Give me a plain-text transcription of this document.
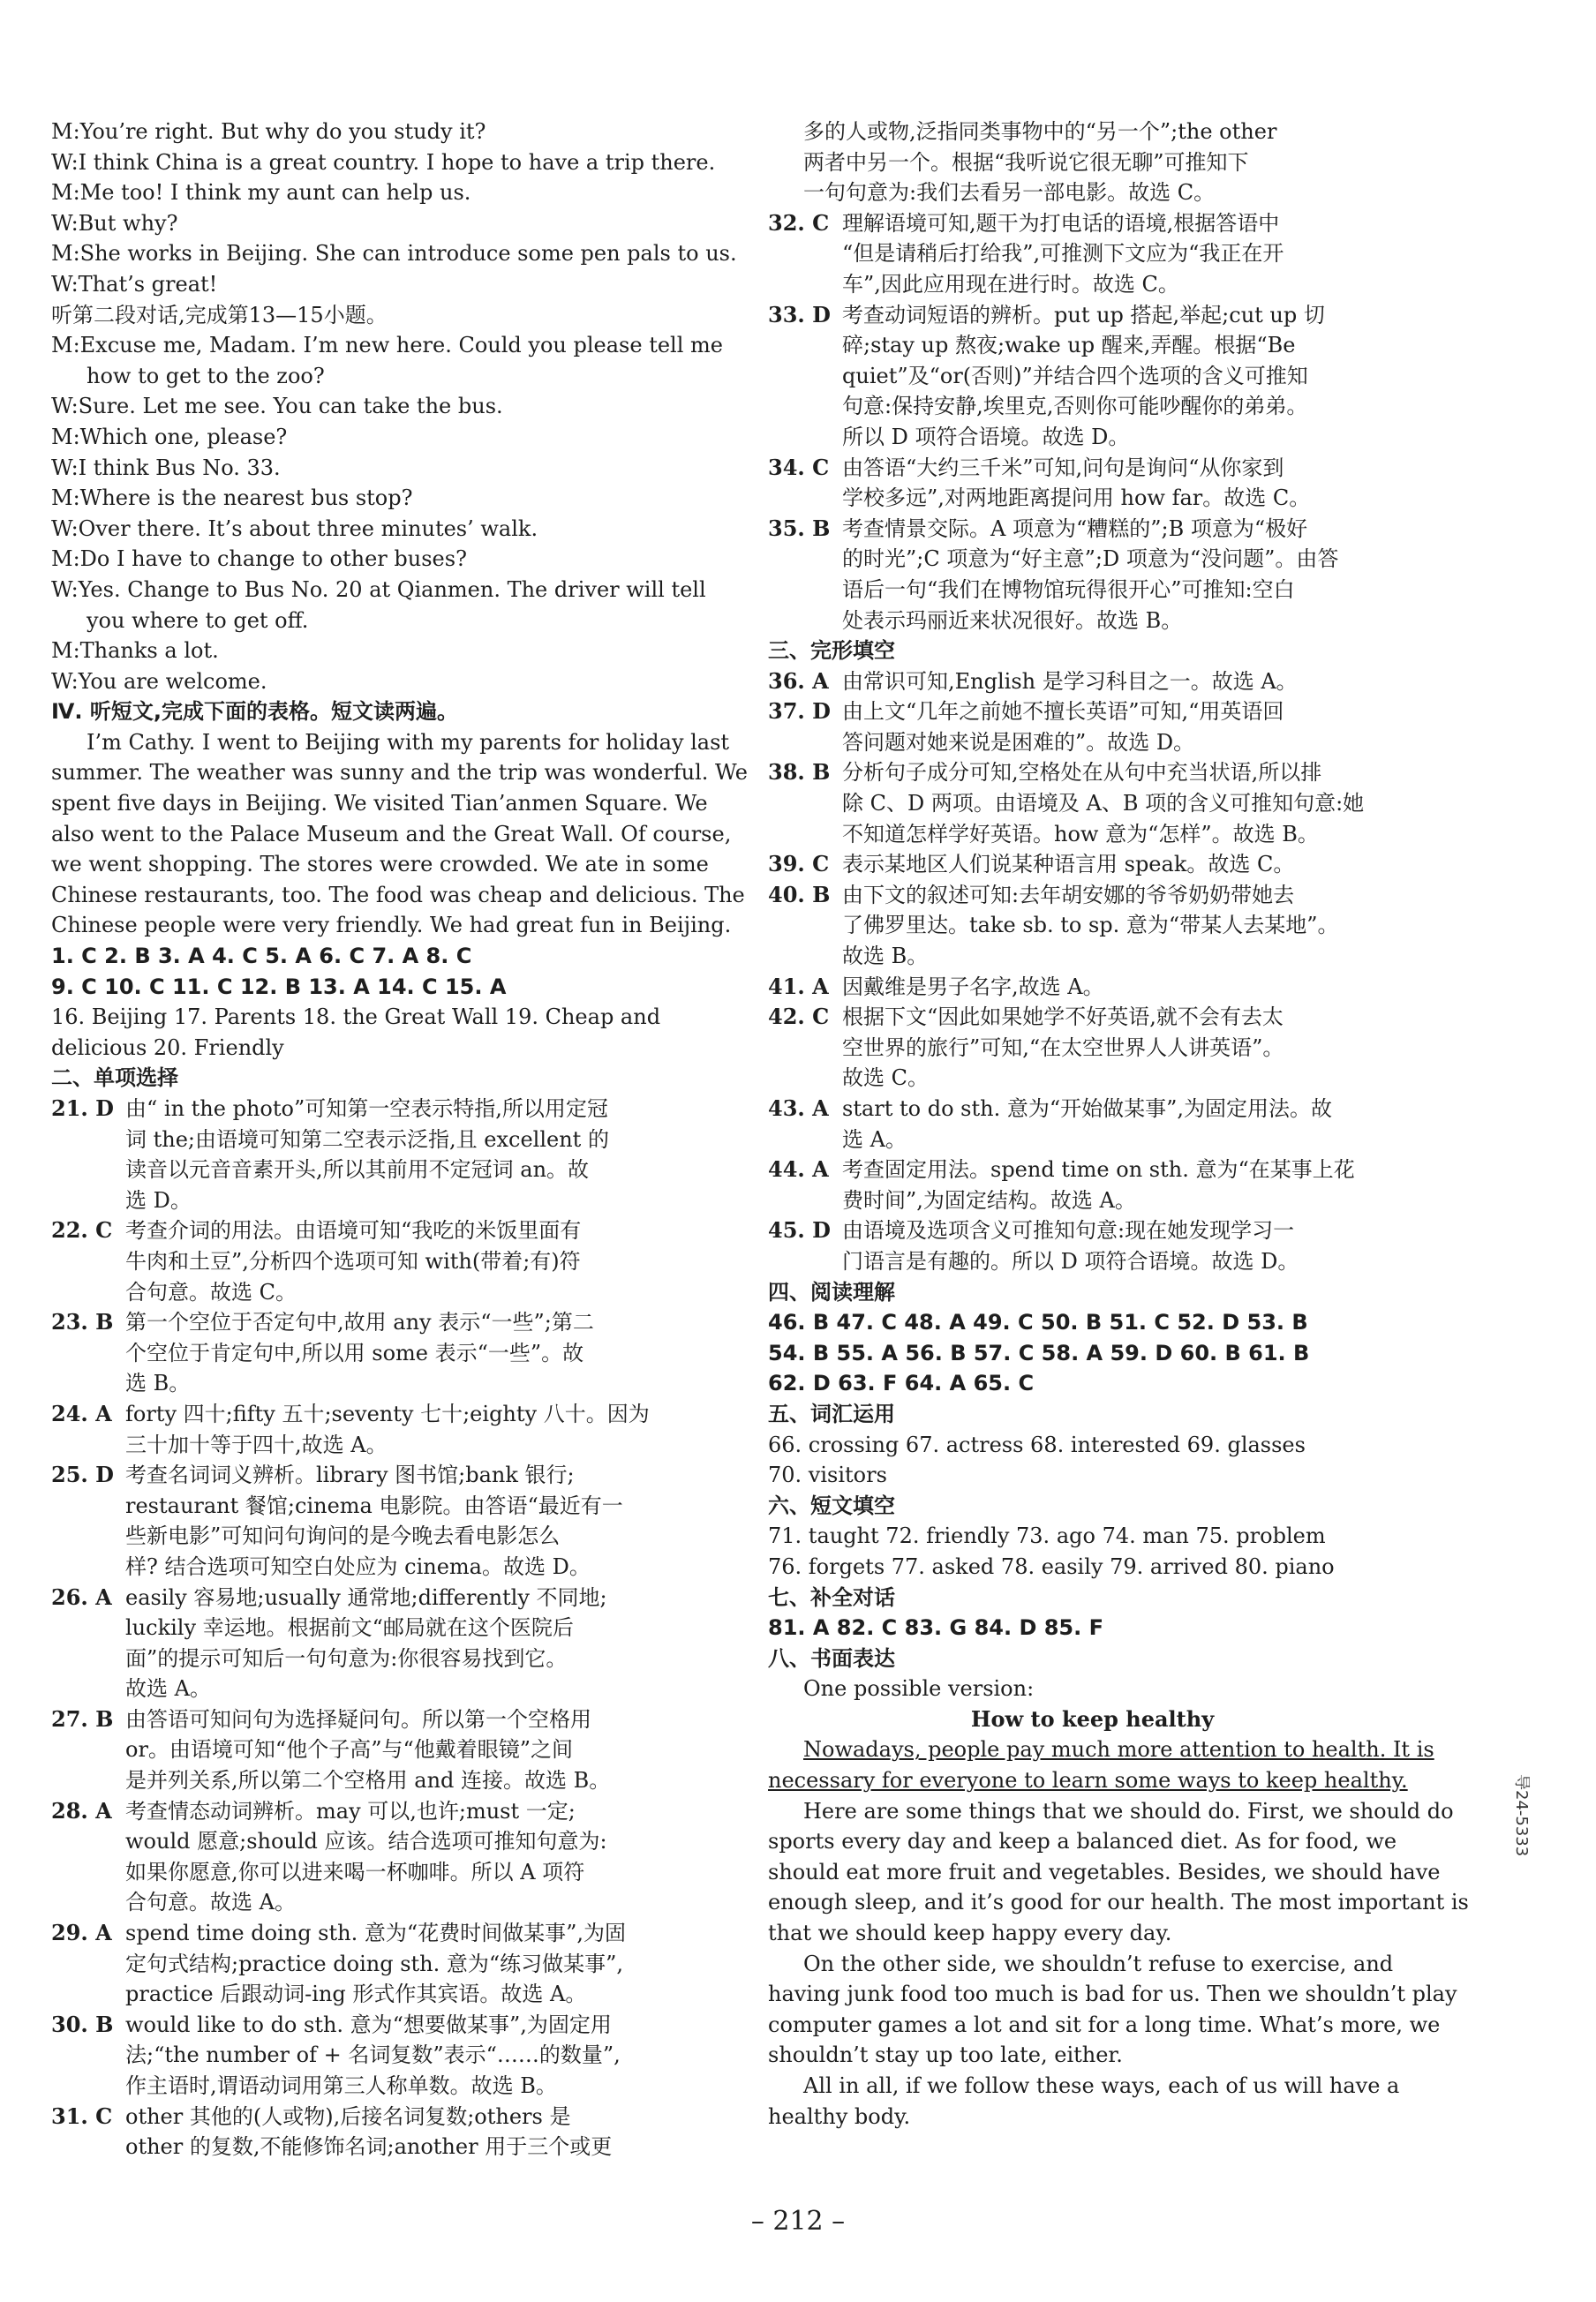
M:You’re right. But why do you study it?
W:I think China is a great country. I hope to have a trip there.
M:Me too! I think my aunt can help us.
W:But why?
M:She works in Beijing. She can introduce some pen pals to us.
W:That’s great!
听第二段对话,完成第13—15小题。
M:Excuse me, Madam. I’m new here. Could you please tell me
how to get to the zoo?
W:Sure. Let me see. You can take the bus.
M:Which one, please?
W:I think Bus No. 33.
M:Where is the nearest bus stop?
W:Over there. It’s about three minutes’ walk.
M:Do I have to change to other buses?
W:Yes. Change to Bus No. 20 at Qianmen. The driver will tell
you where to get off.
M:Thanks a lot.
W:You are welcome.
Ⅳ. 听短文,完成下面的表格。短文读两遍。
I’m Cathy. I went to Beijing with my parents for holiday last
summer. The weather was sunny and the trip was wonderful. We
spent five days in Beijing. We visited Tian’anmen Square. We
also went to the Palace Museum and the Great Wall. Of course,
we went shopping. The stores were crowded. We ate in some
Chinese restaurants, too. The food was cheap and delicious. The
Chinese people were very friendly. We had great fun in Beijing.
1. C 2. B 3. A 4. C 5. A 6. C 7. A 8. C
9. C 10. C 11. C 12. B 13. A 14. C 15. A
16. Beijing 17. Parents 18. the Great Wall 19. Cheap and
delicious 20. Friendly
二、单项选择
21. D 由“ in the photo”可知第一空表示特指,所以用定冠
词 the;由语境可知第二空表示泛指,且 excellent 的
读音以元音音素开头,所以其前用不定冠词 an。故
选 D。
22. C 考查介词的用法。由语境可知“我吃的米饭里面有
牛肉和土豆”,分析四个选项可知 with(带着;有)符
合句意。故选 C。
23. B 第一个空位于否定句中,故用 any 表示“一些”;第二
个空位于肯定句中,所以用 some 表示“一些”。故
选 B。
24. A forty 四十;fifty 五十;seventy 七十;eighty 八十。因为
三十加十等于四十,故选 A。
25. D 考查名词词义辨析。library 图书馆;bank 银行;
restaurant 餐馆;cinema 电影院。由答语“最近有一
些新电影”可知问句询问的是今晚去看电影怎么
样? 结合选项可知空白处应为 cinema。故选 D。
26. A easily 容易地;usually 通常地;differently 不同地;
luckily 幸运地。根据前文“邮局就在这个医院后
面”的提示可知后一句句意为:你很容易找到它。
故选 A。
27. B 由答语可知问句为选择疑问句。所以第一个空格用
or。由语境可知“他个子高”与“他戴着眼镜”之间
是并列关系,所以第二个空格用 and 连接。故选 B。
28. A 考查情态动词辨析。may 可以,也许;must 一定;
would 愿意;should 应该。结合选项可推知句意为:
如果你愿意,你可以进来喝一杯咖啡。所以 A 项符
合句意。故选 A。
29. A spend time doing sth. 意为“花费时间做某事”,为固
定句式结构;practice doing sth. 意为“练习做某事”,
practice 后跟动词-ing 形式作其宾语。故选 A。
30. B would like to do sth. 意为“想要做某事”,为固定用
法;“the number of + 名词复数”表示“……的数量”,
作主语时,谓语动词用第三人称单数。故选 B。
31. C other 其他的(人或物),后接名词复数;others 是
other 的复数,不能修饰名词;another 用于三个或更
多的人或物,泛指同类事物中的“另一个”;the other
两者中另一个。根据“我听说它很无聊”可推知下
一句句意为:我们去看另一部电影。故选 C。
32. C 理解语境可知,题干为打电话的语境,根据答语中
“但是请稍后打给我”,可推测下文应为“我正在开
车”,因此应用现在进行时。故选 C。
33. D 考查动词短语的辨析。put up 搭起,举起;cut up 切
碎;stay up 熬夜;wake up 醒来,弄醒。根据“Be
quiet”及“or(否则)”并结合四个选项的含义可推知
句意:保持安静,埃里克,否则你可能吵醒你的弟弟。
所以 D 项符合语境。故选 D。
34. C 由答语“大约三千米”可知,问句是询问“从你家到
学校多远”,对两地距离提问用 how far。故选 C。
35. B 考查情景交际。A 项意为“糟糕的”;B 项意为“极好
的时光”;C 项意为“好主意”;D 项意为“没问题”。由答
语后一句“我们在博物馆玩得很开心”可推知:空白
处表示玛丽近来状况很好。故选 B。
三、完形填空
36. A 由常识可知,English 是学习科目之一。故选 A。
37. D 由上文“几年之前她不擅长英语”可知,“用英语回
答问题对她来说是困难的”。故选 D。
38. B 分析句子成分可知,空格处在从句中充当状语,所以排
除 C、D 两项。由语境及 A、B 项的含义可推知句意:她
不知道怎样学好英语。how 意为“怎样”。故选 B。
39. C 表示某地区人们说某种语言用 speak。故选 C。
40. B 由下文的叙述可知:去年胡安娜的爷爷奶奶带她去
了佛罗里达。take sb. to sp. 意为“带某人去某地”。
故选 B。
41. A 因戴维是男子名字,故选 A。
42. C 根据下文“因此如果她学不好英语,就不会有去太
空世界的旅行”可知,“在太空世界人人讲英语”。
故选 C。
43. A start to do sth. 意为“开始做某事”,为固定用法。故
选 A。
44. A 考查固定用法。spend time on sth. 意为“在某事上花
费时间”,为固定结构。故选 A。
45. D 由语境及选项含义可推知句意:现在她发现学习一
门语言是有趣的。所以 D 项符合语境。故选 D。
四、阅读理解
46. B 47. C 48. A 49. C 50. B 51. C 52. D 53. B
54. B 55. A 56. B 57. C 58. A 59. D 60. B 61. B
62. D 63. F 64. A 65. C
五、词汇运用
66. crossing 67. actress 68. interested 69. glasses
70. visitors
六、短文填空
71. taught 72. friendly 73. ago 74. man 75. problem
76. forgets 77. asked 78. easily 79. arrived 80. piano
七、补全对话
81. A 82. C 83. G 84. D 85. F
八、书面表达
One possible version:
How to keep healthy
Nowadays, people pay much more attention to health. It is
necessary for everyone to learn some ways to keep healthy.
Here are some things that we should do. First, we should do
sports every day and keep a balanced diet. As for food, we
should eat more fruit and vegetables. Besides, we should have
enough sleep, and it’s good for our health. The most important is
that we should keep happy every day.
On the other side, we shouldn’t refuse to exercise, and
having junk food too much is bad for us. Then we shouldn’t play
computer games a lot and sit for a long time. What’s more, we
shouldn’t stay up too late, either.
All in all, if we follow these ways, each of us will have a
healthy body.
– 212 –
导24-5333
